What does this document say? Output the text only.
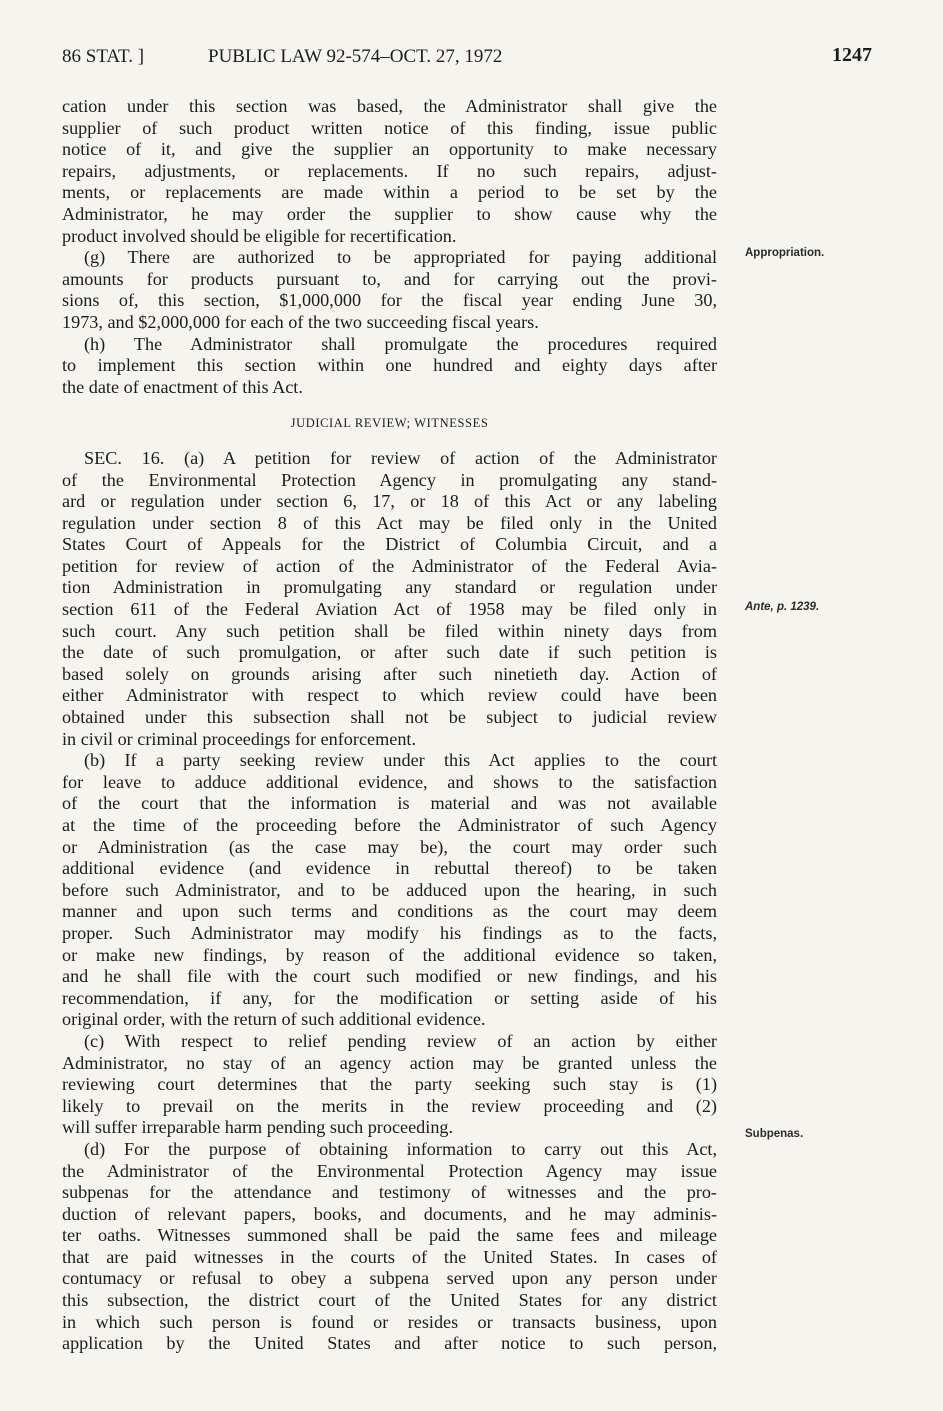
86 STAT. ]	PUBLIC LAW 92-574–OCT. 27, 1972	1247
cation under this section was based, the Administrator shall give the
supplier of such product written notice of this finding, issue public
notice of it, and give the supplier an opportunity to make necessary
repairs, adjustments, or replacements. If no such repairs, adjust-
ments, or replacements are made within a period to be set by the
Administrator, he may order the supplier to show cause why the
product involved should be eligible for recertification.
(g) There are authorized to be appropriated for paying additional
amounts for products pursuant to, and for carrying out the provi-
sions of, this section, $1,000,000 for the fiscal year ending June 30,
1973, and $2,000,000 for each of the two succeeding fiscal years.
(h) The Administrator shall promulgate the procedures required
to implement this section within one hundred and eighty days after
the date of enactment of this Act.
JUDICIAL REVIEW; WITNESSES
SEC. 16. (a) A petition for review of action of the Administrator
of the Environmental Protection Agency in promulgating any stand-
ard or regulation under section 6, 17, or 18 of this Act or any labeling
regulation under section 8 of this Act may be filed only in the United
States Court of Appeals for the District of Columbia Circuit, and a
petition for review of action of the Administrator of the Federal Avia-
tion Administration in promulgating any standard or regulation under
section 611 of the Federal Aviation Act of 1958 may be filed only in
such court. Any such petition shall be filed within ninety days from
the date of such promulgation, or after such date if such petition is
based solely on grounds arising after such ninetieth day. Action of
either Administrator with respect to which review could have been
obtained under this subsection shall not be subject to judicial review
in civil or criminal proceedings for enforcement.
(b) If a party seeking review under this Act applies to the court
for leave to adduce additional evidence, and shows to the satisfaction
of the court that the information is material and was not available
at the time of the proceeding before the Administrator of such Agency
or Administration (as the case may be), the court may order such
additional evidence (and evidence in rebuttal thereof) to be taken
before such Administrator, and to be adduced upon the hearing, in such
manner and upon such terms and conditions as the court may deem
proper. Such Administrator may modify his findings as to the facts,
or make new findings, by reason of the additional evidence so taken,
and he shall file with the court such modified or new findings, and his
recommendation, if any, for the modification or setting aside of his
original order, with the return of such additional evidence.
(c) With respect to relief pending review of an action by either
Administrator, no stay of an agency action may be granted unless the
reviewing court determines that the party seeking such stay is (1)
likely to prevail on the merits in the review proceeding and (2)
will suffer irreparable harm pending such proceeding.
(d) For the purpose of obtaining information to carry out this Act,
the Administrator of the Environmental Protection Agency may issue
subpenas for the attendance and testimony of witnesses and the pro-
duction of relevant papers, books, and documents, and he may adminis-
ter oaths. Witnesses summoned shall be paid the same fees and mileage
that are paid witnesses in the courts of the United States. In cases of
contumacy or refusal to obey a subpena served upon any person under
this subsection, the district court of the United States for any district
in which such person is found or resides or transacts business, upon
application by the United States and after notice to such person,
Appropriation.
Ante, p. 1239.
Subpenas.
